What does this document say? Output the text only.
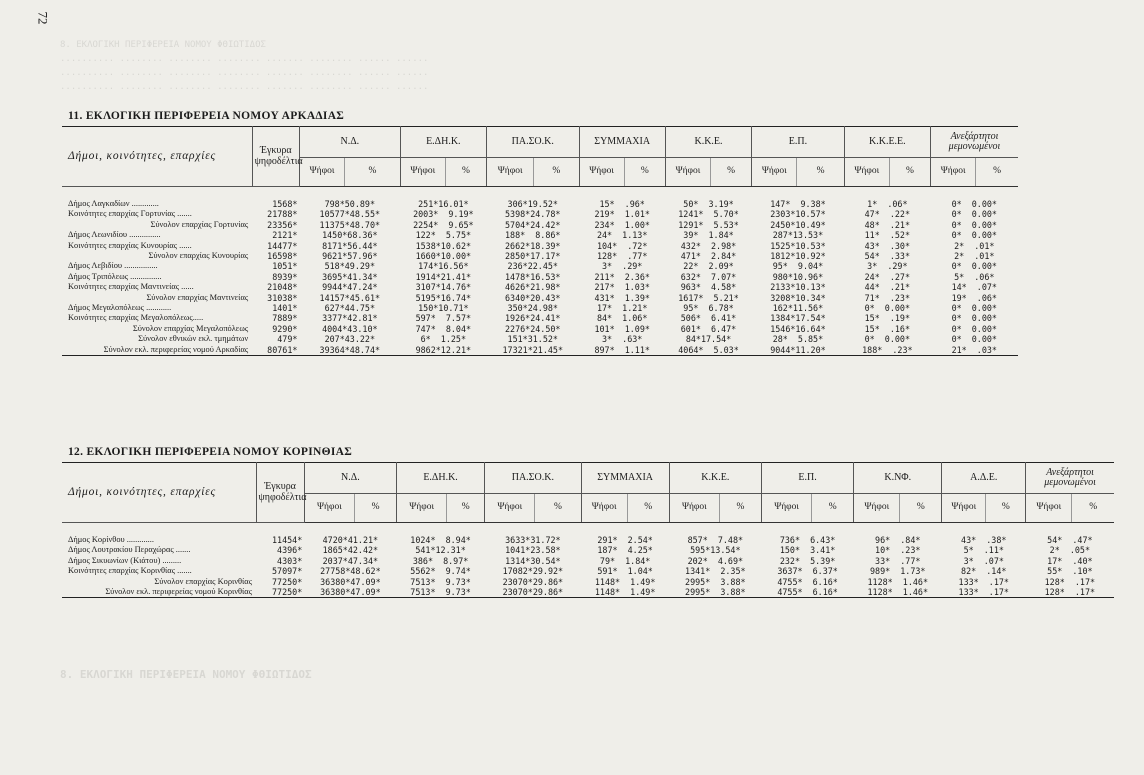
72
8. ΕΚΛΟΓΙΚΗ ΠΕΡΙΦΕΡΕΙΑ ΝΟΜΟΥ ΦΘΙΩΤΙΔΟΣ
.......... ........ ........ ........ ....... ........ ...... ......
.......... ........ ........ ........ ....... ........ ...... ......
.......... ........ ........ ........ ....... ........ ...... ......
8. ΕΚΛΟΓΙΚΗ ΠΕΡΙΦΕΡΕΙΑ ΝΟΜΟΥ ΦΘΙΩΤΙΔΟΣ
11. ΕΚΛΟΓΙΚΗ ΠΕΡΙΦΕΡΕΙΑ ΝΟΜΟΥ ΑΡΚΑΔΙΑΣ
Δήμοι, κοινότητες, επαρχίες	Έγκυρα ψηφοδέλτια	Ν.Δ.		Ε.ΔΗ.Κ.		ΠΑ.ΣΟ.Κ.		ΣΥΜΜΑΧΙΑ		Κ.Κ.Ε.		Ε.Π.		Κ.Κ.Ε.Ε.		Ανεξάρτητοι μεμονωμένοι	
		Ψήφοι	%	Ψήφοι	%	Ψήφοι	%	Ψήφοι	%	Ψήφοι	%	Ψήφοι	%	Ψήφοι	%	Ψήφοι	%

Δήμος Λαγκαδίων .............	1568*	798*50.89*		251*16.01*		306*19.52*		15*  .96*		50*  3.19*		147*  9.38*		1*  .06*		0*  0.00*	
Κοινότητες επαρχίας Γορτυνίας .......	21788*	10577*48.55*		2003*  9.19*		5398*24.78*		219*  1.01*		1241*  5.70*		2303*10.57*		47*  .22*		0*  0.00*	
Σύνολον επαρχίας Γορτυνίας	23356*	11375*48.70*		2254*  9.65*		5704*24.42*		234*  1.00*		1291*  5.53*		2450*10.49*		48*  .21*		0*  0.00*	
Δήμος Λεωνιδίου ...............	2121*	1450*68.36*		122*  5.75*		188*  8.86*		24*  1.13*		39*  1.84*		287*13.53*		11*  .52*		0*  0.00*	
Κοινότητες επαρχίας Κυνουρίας ......	14477*	8171*56.44*		1538*10.62*		2662*18.39*		104*  .72*		432*  2.98*		1525*10.53*		43*  .30*		2*  .01*	
Σύνολον επαρχίας Κυνουρίας	16598*	9621*57.96*		1660*10.00*		2850*17.17*		128*  .77*		471*  2.84*		1812*10.92*		54*  .33*		2*  .01*	
Δήμος Λεβιδίου ................	1051*	518*49.29*		174*16.56*		236*22.45*		3*  .29*		22*  2.09*		95*  9.04*		3*  .29*		0*  0.00*	
Δήμος Τριπόλεως ...............	8939*	3695*41.34*		1914*21.41*		1478*16.53*		211*  2.36*		632*  7.07*		980*10.96*		24*  .27*		5*  .06*	
Κοινότητες επαρχίας Μαντινείας ......	21048*	9944*47.24*		3107*14.76*		4626*21.98*		217*  1.03*		963*  4.58*		2133*10.13*		44*  .21*		14*  .07*	
Σύνολον επαρχίας Μαντινείας	31038*	14157*45.61*		5195*16.74*		6340*20.43*		431*  1.39*		1617*  5.21*		3208*10.34*		71*  .23*		19*  .06*	
Δήμος Μεγαλοπόλεως ............	1401*	627*44.75*		150*10.71*		350*24.98*		17*  1.21*		95*  6.78*		162*11.56*		0*  0.00*		0*  0.00*	
Κοινότητες επαρχίας Μεγαλοπόλεως.....	7889*	3377*42.81*		597*  7.57*		1926*24.41*		84*  1.06*		506*  6.41*		1384*17.54*		15*  .19*		0*  0.00*	
Σύνολον επαρχίας Μεγαλοπόλεως	9290*	4004*43.10*		747*  8.04*		2276*24.50*		101*  1.09*		601*  6.47*		1546*16.64*		15*  .16*		0*  0.00*	
Σύνολον εθνικών εκλ. τμημάτων	479*	207*43.22*		6*  1.25*		151*31.52*		3*  .63*		84*17.54*		28*  5.85*		0*  0.00*		0*  0.00*	
Σύνολον εκλ. περιφερείας νομού Αρκαδίας	80761*	39364*48.74*		9862*12.21*		17321*21.45*		897*  1.11*		4064*  5.03*		9044*11.20*		188*  .23*		21*  .03*	
12. ΕΚΛΟΓΙΚΗ ΠΕΡΙΦΕΡΕΙΑ ΝΟΜΟΥ ΚΟΡΙΝΘΙΑΣ
Δήμοι, κοινότητες, επαρχίες	Έγκυρα ψηφοδέλτια	Ν.Δ.		Ε.ΔΗ.Κ.		ΠΑ.ΣΟ.Κ.		ΣΥΜΜΑΧΙΑ		Κ.Κ.Ε.		Ε.Π.		Κ.ΝΦ.		Α.Δ.Ε.		Ανεξάρτητοι μεμονωμένοι	
		Ψήφοι	%	Ψήφοι	%	Ψήφοι	%	Ψήφοι	%	Ψήφοι	%	Ψήφοι	%	Ψήφοι	%	Ψήφοι	%	Ψήφοι	%

Δήμος Κορίνθου .............	11454*	4720*41.21*		1024*  8.94*		3633*31.72*		291*  2.54*		857*  7.48*		736*  6.43*		96*  .84*		43*  .38*		54*  .47*	
Δήμος Λουτρακίου Περαχώρας .......	4396*	1865*42.42*		541*12.31*		1041*23.58*		187*  4.25*		595*13.54*		150*  3.41*		10*  .23*		5*  .11*		2*  .05*	
Δήμος Σικυωνίων (Κιάτου) .........	4303*	2037*47.34*		386*  8.97*		1314*30.54*		79*  1.84*		202*  4.69*		232*  5.39*		33*  .77*		3*  .07*		17*  .40*	
Κοινότητες επαρχίας Κορινθίας .......	57097*	27758*48.62*		5562*  9.74*		17082*29.92*		591*  1.04*		1341*  2.35*		3637*  6.37*		989*  1.73*		82*  .14*		55*  .10*	
Σύνολον επαρχίας Κορινθίας	77250*	36380*47.09*		7513*  9.73*		23070*29.86*		1148*  1.49*		2995*  3.88*		4755*  6.16*		1128*  1.46*		133*  .17*		128*  .17*	
Σύνολον εκλ. περιφερείας νομού Κορινθίας	77250*	36380*47.09*		7513*  9.73*		23070*29.86*		1148*  1.49*		2995*  3.88*		4755*  6.16*		1128*  1.46*		133*  .17*		128*  .17*	
